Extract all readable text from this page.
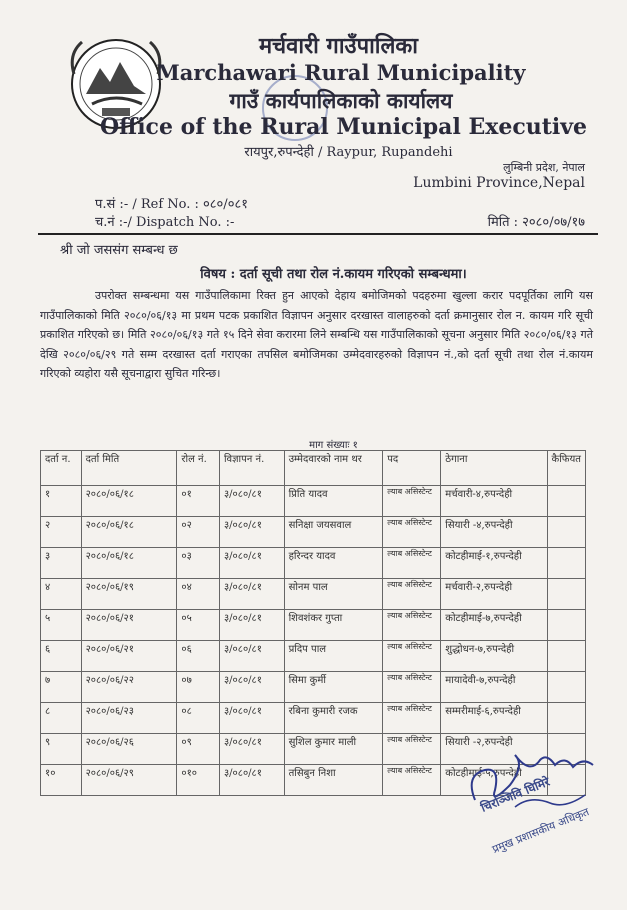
मर्चवारी गाउँपालिका
Marchawari Rural Municipality
गाउँ कार्यपालिकाको कार्यालय
Office of the Rural Municipal Executive
रायपुर,रुपन्देही / Raypur, Rupandehi
लुम्बिनी प्रदेश, नेपाल
Lumbini Province,Nepal
प.सं :- / Ref No. : ०८०/०८१
च.नं :-/ Dispatch No. :-	मिति : २०८०/०७/१७
श्री जो जससंग सम्बन्ध छ
विषय : दर्ता सूची तथा रोल नं.कायम गरिएको सम्बन्धमा।
उपरोक्त सम्बन्धमा यस गाउँपालिकामा रिक्त हुन आएको देहाय बमोजिमको पदहरुमा खुल्ला करार पदपूर्तिका लागि यस गाउँपालिकाको मिति २०८०/०६/१३ मा प्रथम पटक प्रकाशित विज्ञापन अनुसार दरखास्त वालाहरुको दर्ता क्रमानुसार रोल न. कायम गरि सूची प्रकाशित गरिएको छ। मिति २०८०/०६/१३ गते १५ दिने सेवा करारमा लिने सम्बन्धि यस गाउँपालिकाको सूचना अनुसार मिति २०८०/०६/१३ गते देखि २०८०/०६/२९ गते सम्म दरखास्त दर्ता गराएका तपसिल बमोजिमका उम्मेदवारहरुको विज्ञापन नं.,को दर्ता सूची तथा रोल नं.कायम गरिएको व्यहोरा यसै सूचनाद्वारा सुचित गरिन्छ।
माग संख्याः १
दर्ता न.	दर्ता मिति	रोल नं.	विज्ञापन नं.	उम्मेदवारको नाम थर	पद	ठेगाना	कैफियत
१	२०८०/०६/१८	०१	३/०८०/८१	प्रिति यादव	ल्याब असिस्टेन्ट	मर्चवारी-४,रुपन्देही	
२	२०८०/०६/१८	०२	३/०८०/८१	सनिक्षा जयसवाल	ल्याब असिस्टेन्ट	सियारी -४,रुपन्देही	
३	२०८०/०६/१८	०३	३/०८०/८१	हरिन्दर यादव	ल्याब असिस्टेन्ट	कोटहीमाई-१,रुपन्देही	
४	२०८०/०६/१९	०४	३/०८०/८१	सोनम पाल	ल्याब असिस्टेन्ट	मर्चवारी-२,रुपन्देही	
५	२०८०/०६/२१	०५	३/०८०/८१	शिवशंकर गुप्ता	ल्याब असिस्टेन्ट	कोटहीमाई-७,रुपन्देही	
६	२०८०/०६/२१	०६	३/०८०/८१	प्रदिप पाल	ल्याब असिस्टेन्ट	शुद्धोधन-७,रुपन्देही	
७	२०८०/०६/२२	०७	३/०८०/८१	सिमा कुर्मी	ल्याब असिस्टेन्ट	मायादेवी-७,रुपन्देही	
८	२०८०/०६/२३	०८	३/०८०/८१	रबिना कुमारी रजक	ल्याब असिस्टेन्ट	सम्मरीमाई-६,रुपन्देही	
९	२०८०/०६/२६	०९	३/०८०/८१	सुशिल कुमार माली	ल्याब असिस्टेन्ट	सियारी -२,रुपन्देही	
१०	२०८०/०६/२९	०१०	३/०८०/८१	तसिबुन निशा	ल्याब असिस्टेन्ट	कोटहीमाई-५,रुपन्देही	
चिरञ्जिवि घिमिरे
प्रमुख प्रशासकीय अधिकृत
